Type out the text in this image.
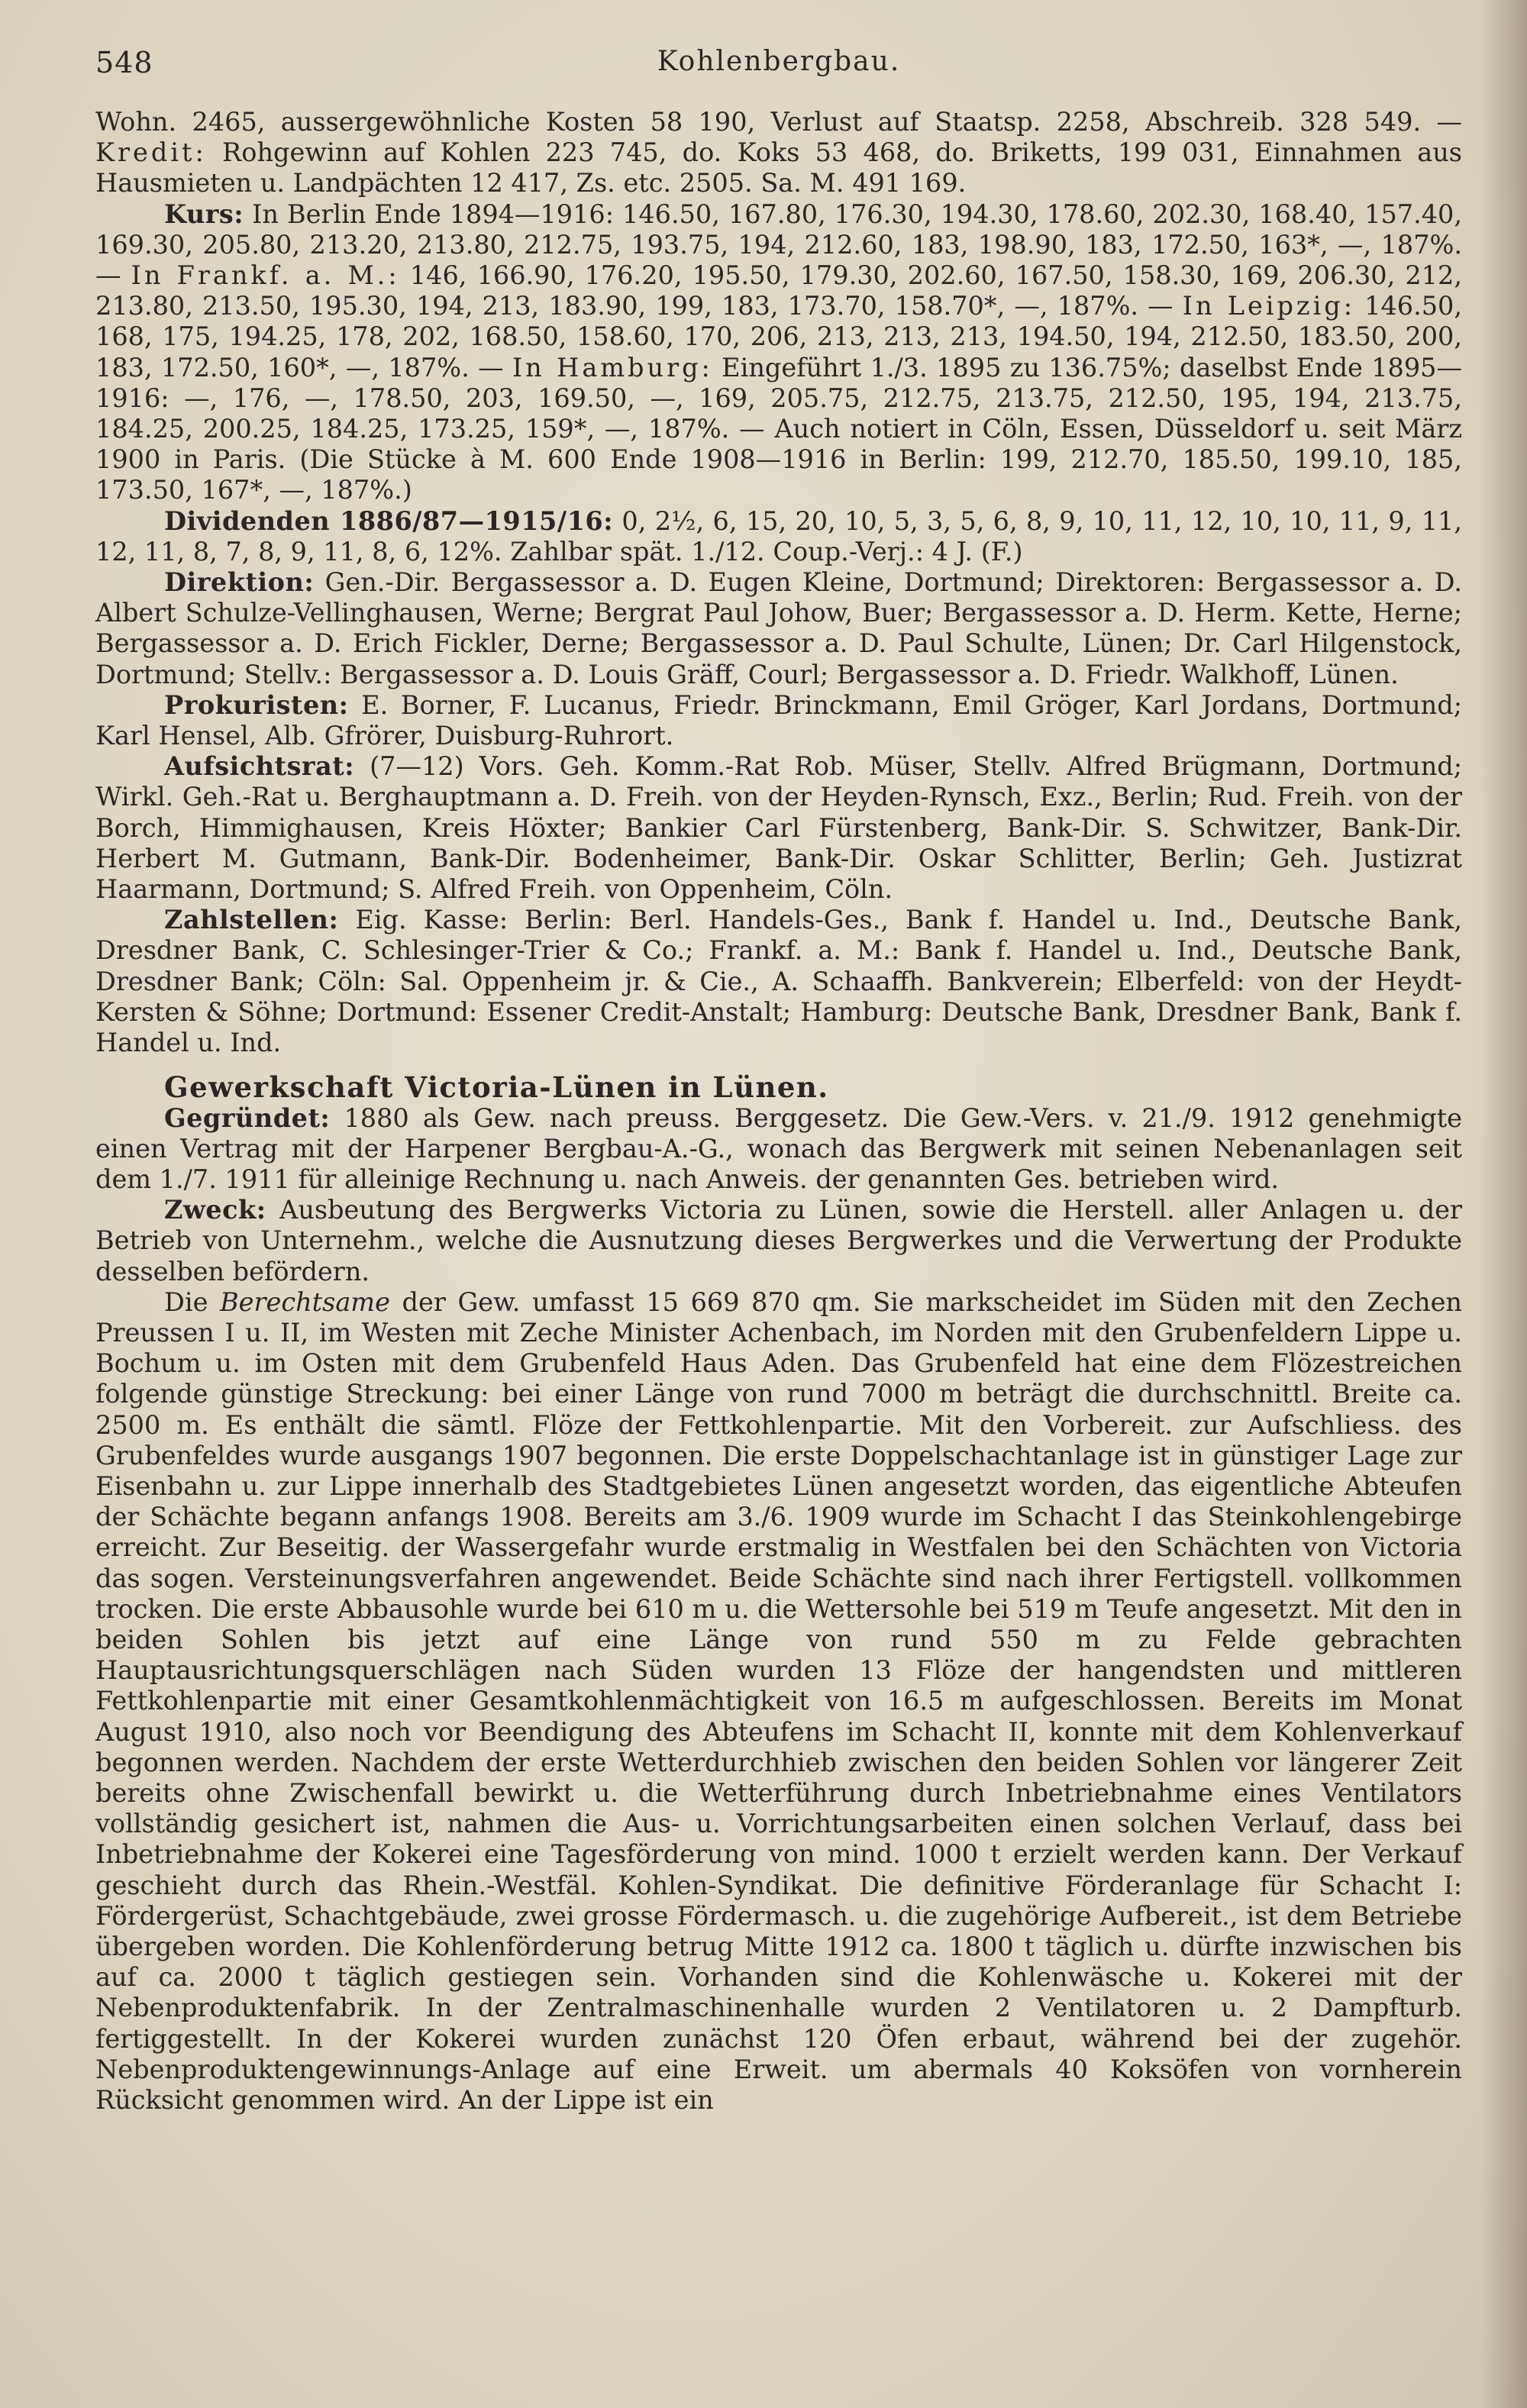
548	Kohlenbergbau.

Wohn. 2465, aussergewöhnliche Kosten 58 190, Verlust auf Staatsp. 2258, Abschreib. 328 549. — Kredit: Rohgewinn auf Kohlen 223 745, do. Koks 53 468, do. Briketts, 199 031, Einnahmen aus Hausmieten u. Landpächten 12 417, Zs. etc. 2505. Sa. M. 491 169.

Kurs: In Berlin Ende 1894—1916: 146.50, 167.80, 176.30, 194.30, 178.60, 202.30, 168.40, 157.40, 169.30, 205.80, 213.20, 213.80, 212.75, 193.75, 194, 212.60, 183, 198.90, 183, 172.50, 163*, —, 187%. — In Frankf. a. M.: 146, 166.90, 176.20, 195.50, 179.30, 202.60, 167.50, 158.30, 169, 206.30, 212, 213.80, 213.50, 195.30, 194, 213, 183.90, 199, 183, 173.70, 158.70*, —, 187%. — In Leipzig: 146.50, 168, 175, 194.25, 178, 202, 168.50, 158.60, 170, 206, 213, 213, 213, 194.50, 194, 212.50, 183.50, 200, 183, 172.50, 160*, —, 187%. — In Hamburg: Eingeführt 1./3. 1895 zu 136.75%; daselbst Ende 1895—1916: —, 176, —, 178.50, 203, 169.50, —, 169, 205.75, 212.75, 213.75, 212.50, 195, 194, 213.75, 184.25, 200.25, 184.25, 173.25, 159*, —, 187%. — Auch notiert in Cöln, Essen, Düsseldorf u. seit März 1900 in Paris. (Die Stücke à M. 600 Ende 1908—1916 in Berlin: 199, 212.70, 185.50, 199.10, 185, 173.50, 167*, —, 187%.)

Dividenden 1886/87—1915/16: 0, 2½, 6, 15, 20, 10, 5, 3, 5, 6, 8, 9, 10, 11, 12, 10, 10, 11, 9, 11, 12, 11, 8, 7, 8, 9, 11, 8, 6, 12%. Zahlbar spät. 1./12. Coup.-Verj.: 4 J. (F.)

Direktion: Gen.-Dir. Bergassessor a. D. Eugen Kleine, Dortmund; Direktoren: Bergassessor a. D. Albert Schulze-Vellinghausen, Werne; Bergrat Paul Johow, Buer; Bergassessor a. D. Herm. Kette, Herne; Bergassessor a. D. Erich Fickler, Derne; Bergassessor a. D. Paul Schulte, Lünen; Dr. Carl Hilgenstock, Dortmund; Stellv.: Bergassessor a. D. Louis Gräff, Courl; Bergassessor a. D. Friedr. Walkhoff, Lünen.

Prokuristen: E. Borner, F. Lucanus, Friedr. Brinckmann, Emil Gröger, Karl Jordans, Dortmund; Karl Hensel, Alb. Gfrörer, Duisburg-Ruhrort.

Aufsichtsrat: (7—12) Vors. Geh. Komm.-Rat Rob. Müser, Stellv. Alfred Brügmann, Dortmund; Wirkl. Geh.-Rat u. Berghauptmann a. D. Freih. von der Heyden-Rynsch, Exz., Berlin; Rud. Freih. von der Borch, Himmighausen, Kreis Höxter; Bankier Carl Fürstenberg, Bank-Dir. S. Schwitzer, Bank-Dir. Herbert M. Gutmann, Bank-Dir. Bodenheimer, Bank-Dir. Oskar Schlitter, Berlin; Geh. Justizrat Haarmann, Dortmund; S. Alfred Freih. von Oppenheim, Cöln.

Zahlstellen: Eig. Kasse: Berlin: Berl. Handels-Ges., Bank f. Handel u. Ind., Deutsche Bank, Dresdner Bank, C. Schlesinger-Trier & Co.; Frankf. a. M.: Bank f. Handel u. Ind., Deutsche Bank, Dresdner Bank; Cöln: Sal. Oppenheim jr. & Cie., A. Schaaffh. Bankverein; Elberfeld: von der Heydt-Kersten & Söhne; Dortmund: Essener Credit-Anstalt; Hamburg: Deutsche Bank, Dresdner Bank, Bank f. Handel u. Ind.

Gewerkschaft Victoria-Lünen in Lünen.

Gegründet: 1880 als Gew. nach preuss. Berggesetz. Die Gew.-Vers. v. 21./9. 1912 genehmigte einen Vertrag mit der Harpener Bergbau-A.-G., wonach das Bergwerk mit seinen Nebenanlagen seit dem 1./7. 1911 für alleinige Rechnung u. nach Anweis. der genannten Ges. betrieben wird.

Zweck: Ausbeutung des Bergwerks Victoria zu Lünen, sowie die Herstell. aller Anlagen u. der Betrieb von Unternehm., welche die Ausnutzung dieses Bergwerkes und die Verwertung der Produkte desselben befördern.

Die Berechtsame der Gew. umfasst 15 669 870 qm. Sie markscheidet im Süden mit den Zechen Preussen I u. II, im Westen mit Zeche Minister Achenbach, im Norden mit den Grubenfeldern Lippe u. Bochum u. im Osten mit dem Grubenfeld Haus Aden. Das Grubenfeld hat eine dem Flözestreichen folgende günstige Streckung: bei einer Länge von rund 7000 m beträgt die durchschnittl. Breite ca. 2500 m. Es enthält die sämtl. Flöze der Fettkohlenpartie. Mit den Vorbereit. zur Aufschliess. des Grubenfeldes wurde ausgangs 1907 begonnen. Die erste Doppelschachtanlage ist in günstiger Lage zur Eisenbahn u. zur Lippe innerhalb des Stadtgebietes Lünen angesetzt worden, das eigentliche Abteufen der Schächte begann anfangs 1908. Bereits am 3./6. 1909 wurde im Schacht I das Steinkohlengebirge erreicht. Zur Beseitig. der Wassergefahr wurde erstmalig in Westfalen bei den Schächten von Victoria das sogen. Versteinungsverfahren angewendet. Beide Schächte sind nach ihrer Fertigstell. vollkommen trocken. Die erste Abbausohle wurde bei 610 m u. die Wettersohle bei 519 m Teufe angesetzt. Mit den in beiden Sohlen bis jetzt auf eine Länge von rund 550 m zu Felde gebrachten Hauptausrichtungsquerschlägen nach Süden wurden 13 Flöze der hangendsten und mittleren Fettkohlenpartie mit einer Gesamtkohlenmächtigkeit von 16.5 m aufgeschlossen. Bereits im Monat August 1910, also noch vor Beendigung des Abteufens im Schacht II, konnte mit dem Kohlenverkauf begonnen werden. Nachdem der erste Wetterdurchhieb zwischen den beiden Sohlen vor längerer Zeit bereits ohne Zwischenfall bewirkt u. die Wetterführung durch Inbetriebnahme eines Ventilators vollständig gesichert ist, nahmen die Aus- u. Vorrichtungsarbeiten einen solchen Verlauf, dass bei Inbetriebnahme der Kokerei eine Tagesförderung von mind. 1000 t erzielt werden kann. Der Verkauf geschieht durch das Rhein.-Westfäl. Kohlen-Syndikat. Die definitive Förderanlage für Schacht I: Fördergerüst, Schachtgebäude, zwei grosse Fördermasch. u. die zugehörige Aufbereit., ist dem Betriebe übergeben worden. Die Kohlenförderung betrug Mitte 1912 ca. 1800 t täglich u. dürfte inzwischen bis auf ca. 2000 t täglich gestiegen sein. Vorhanden sind die Kohlenwäsche u. Kokerei mit der Nebenproduktenfabrik. In der Zentralmaschinenhalle wurden 2 Ventilatoren u. 2 Dampfturb. fertiggestellt. In der Kokerei wurden zunächst 120 Öfen erbaut, während bei der zugehör. Nebenproduktengewinnungs-Anlage auf eine Erweit. um abermals 40 Koksöfen von vornherein Rücksicht genommen wird. An der Lippe ist ein
